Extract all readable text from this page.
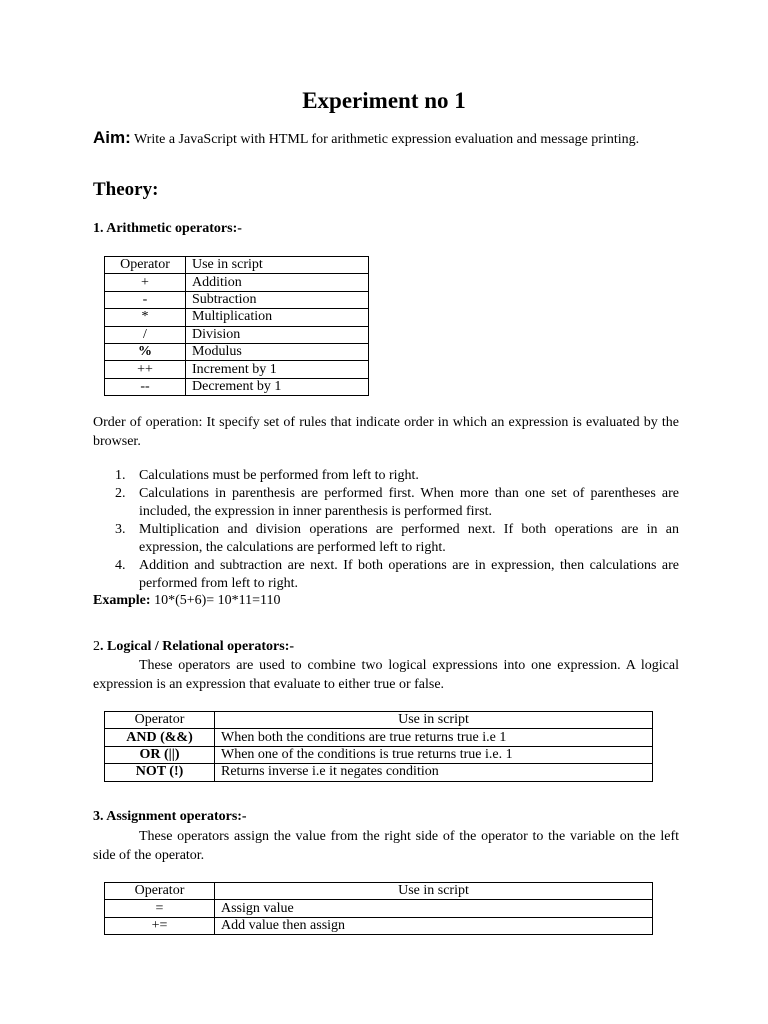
Experiment no 1
Aim: Write a JavaScript with HTML for arithmetic expression evaluation and message printing.
Theory:
1. Arithmetic operators:-
Operator	Use in script
+	Addition
-	Subtraction
*	Multiplication
/	Division
%	Modulus
++	Increment by 1
--	Decrement by 1
Order of operation: It specify set of rules that indicate order in which an expression is evaluated by the browser.
1. Calculations must be performed from left to right.
2. Calculations in parenthesis are performed first. When more than one set of parentheses are included, the expression in inner parenthesis is performed first.
3. Multiplication and division operations are performed next. If both operations are in an expression, the calculations are performed left to right.
4. Addition and subtraction are next. If both operations are in expression, then calculations are performed from left to right.
Example: 10*(5+6)= 10*11=110
2. Logical / Relational operators:-
These operators are used to combine two logical expressions into one expression. A logical expression is an expression that evaluate to either true or false.
Operator	Use in script
AND (&&)	When both the conditions are true returns true i.e 1
OR (||)	When one of the conditions is true returns true i.e. 1
NOT (!)	Returns inverse i.e it negates condition
3. Assignment operators:-
These operators assign the value from the right side of the operator to the variable on the left side of the operator.
Operator	Use in script
=	Assign value
+=	Add value then assign
